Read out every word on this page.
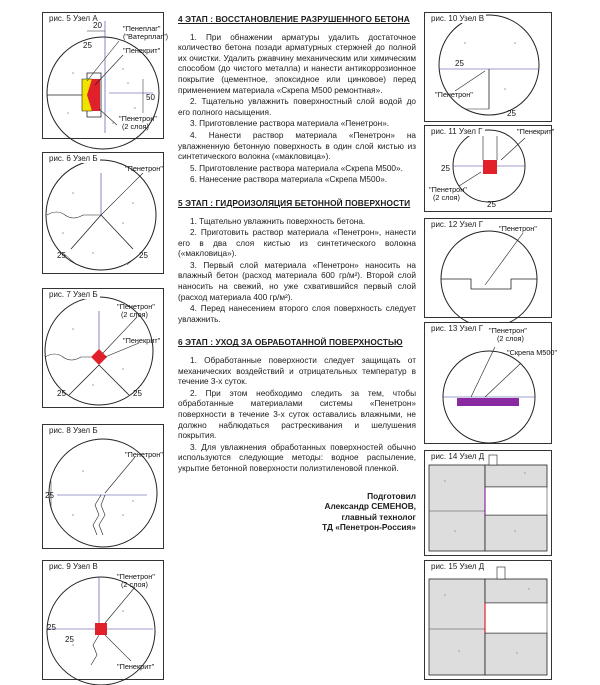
рис. 5 Узел А
"Пенеплаг"
("Ватерплаг")
"Пенекрит"
"Пенетрон"
(2 слоя)
20
25
50
рис. 6 Узел Б
"Пенетрон"
25	25
рис. 7 Узел Б
"Пенетрон"
(2 слоя)
"Пенекрит"
25	25
рис. 8 Узел Б
"Пенетрон"
25
рис. 9 Узел В
"Пенетрон"
(2 слоя)
"Пенекрит"
25
25
4 ЭТАП : ВОССТАНОВЛЕНИЕ РАЗРУШЕННОГО БЕТОНА

1. При обнажении арматуры удалить достаточное количество бетона позади арматурных стержней до полной их очистки. Удалить ржавчину механическим или химическим способом (до чистого металла) и нанести антикоррозионное покрытие (цементное, эпоксидное или цинковое) перед применением материала «Скрепа М500 ремонтная».

2. Тщательно увлажнить поверхностный слой водой до его полного насыщения.

3. Приготовление раствора материала «Пенетрон».

4. Нанести раствор материала «Пенетрон» на увлажненную бетонную поверхность в один слой кистью из синтетического волокна («макловица»).

5. Приготовление раствора материала «Скрепа М500».

6. Нанесение раствора материала «Скрепа М500».

5 ЭТАП : ГИДРОИЗОЛЯЦИЯ БЕТОННОЙ ПОВЕРХНОСТИ

1. Тщательно увлажнить поверхность бетона.

2. Приготовить раствор материала «Пенетрон», нанести его в два слоя кистью из синтетического волокна («макловица»).

3. Первый слой материала «Пенетрон» наносить на влажный бетон (расход материала 600 гр/м²). Второй слой наносить на свежий, но уже схватившийся первый слой (расход материала 400 гр/м²).

4. Перед нанесением второго слоя поверхность следует увлажнить.

6 ЭТАП : УХОД ЗА ОБРАБОТАННОЙ ПОВЕРХНОСТЬЮ

1. Обработанные поверхности следует защищать от механических воздействий и отрицательных температур в течение 3-х суток.

2. При этом необходимо следить за тем, чтобы обработанные материалами системы «Пенетрон» поверхности в течение 3-х суток оставались влажными, не должно наблюдаться растрескивания и шелушения покрытия.

3. Для увлажнения обработанных поверхностей обычно используются следующие методы: водное распыление, укрытие бетонной поверхности полиэтиленовой пленкой.

Подготовил
Александр СЕМЕНОВ,
главный технолог
ТД «Пенетрон-Россия»
рис. 10 Узел В
"Пенетрон"
25
25
рис. 11 Узел Г	"Пенекрит"
"Пенетрон"
(2 слоя)
25
25
рис. 12 Узел Г "Пенетрон"
рис. 13 Узел Г "Пенетрон"
(2 слоя)
"Скрепа М500"
рис. 14 Узел Д
рис. 15 Узел Д
